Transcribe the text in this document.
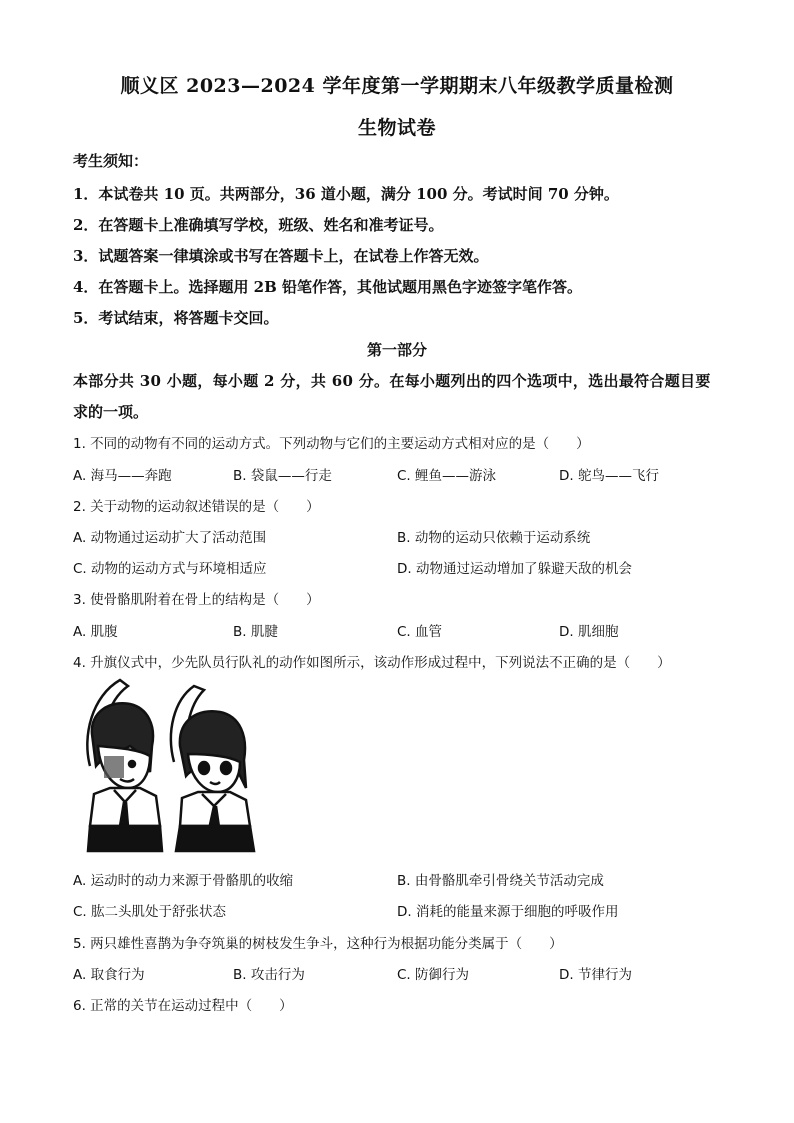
顺义区 2023—2024 学年度第一学期期末八年级教学质量检测
生物试卷
考生须知：
1．本试卷共 10 页。共两部分，36 道小题，满分 100 分。考试时间 70 分钟。
2．在答题卡上准确填写学校，班级、姓名和准考证号。
3．试题答案一律填涂或书写在答题卡上，在试卷上作答无效。
4．在答题卡上。选择题用 2B 铅笔作答，其他试题用黑色字迹签字笔作答。
5．考试结束，将答题卡交回。
第一部分
本部分共 30 小题，每小题 2 分，共 60 分。在每小题列出的四个选项中，选出最符合题目要
求的一项。
1. 不同的动物有不同的运动方式。下列动物与它们的主要运动方式相对应的是（　　）
A. 海马——奔跑	B. 袋鼠——行走	C. 鲤鱼——游泳	D. 鸵鸟——飞行
2. 关于动物的运动叙述错误的是（　　）
A. 动物通过运动扩大了活动范围	B. 动物的运动只依赖于运动系统
C. 动物的运动方式与环境相适应	D. 动物通过运动增加了躲避天敌的机会
3. 使骨骼肌附着在骨上的结构是（　　）
A. 肌腹	B. 肌腱	C. 血管	D. 肌细胞
4. 升旗仪式中，少先队员行队礼的动作如图所示，该动作形成过程中，下列说法不正确的是（　　）
A. 运动时的动力来源于骨骼肌的收缩	B. 由骨骼肌牵引骨绕关节活动完成
C. 肱二头肌处于舒张状态	D. 消耗的能量来源于细胞的呼吸作用
5. 两只雄性喜鹊为争夺筑巢的树枝发生争斗，这种行为根据功能分类属于（　　）
A. 取食行为	B. 攻击行为	C. 防御行为	D. 节律行为
6. 正常的关节在运动过程中（　　）
